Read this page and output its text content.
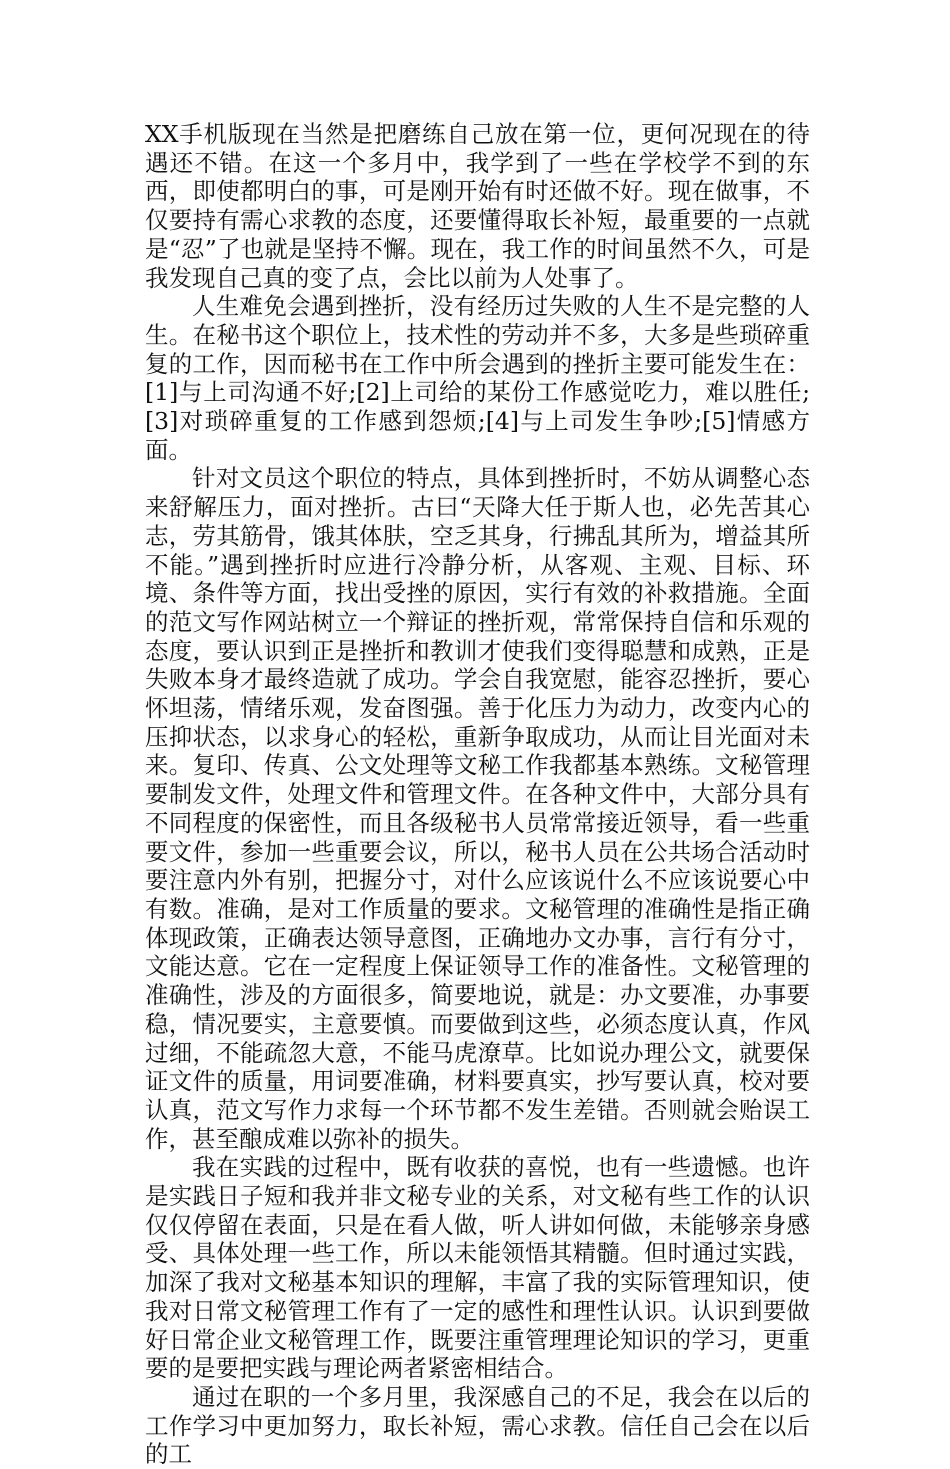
XX手机版现在当然是把磨练自己放在第一位，更何况现在的待遇还不错。在这一个多月中，我学到了一些在学校学不到的东西，即使都明白的事，可是刚开始有时还做不好。现在做事，不仅要持有需心求教的态度，还要懂得取长补短，最重要的一点就是“忍”了也就是坚持不懈。现在，我工作的时间虽然不久，可是我发现自己真的变了点，会比以前为人处事了。

人生难免会遇到挫折，没有经历过失败的人生不是完整的人生。在秘书这个职位上，技术性的劳动并不多，大多是些琐碎重复的工作，因而秘书在工作中所会遇到的挫折主要可能发生在：[1]与上司沟通不好;[2]上司给的某份工作感觉吃力，难以胜任;[3]对琐碎重复的工作感到怨烦;[4]与上司发生争吵;[5]情感方面。

针对文员这个职位的特点，具体到挫折时，不妨从调整心态来舒解压力，面对挫折。古曰“天降大任于斯人也，必先苦其心志，劳其筋骨，饿其体肤，空乏其身，行拂乱其所为，增益其所不能。”遇到挫折时应进行冷静分析，从客观、主观、目标、环境、条件等方面，找出受挫的原因，实行有效的补救措施。全面的范文写作网站树立一个辩证的挫折观，常常保持自信和乐观的态度，要认识到正是挫折和教训才使我们变得聪慧和成熟，正是失败本身才最终造就了成功。学会自我宽慰，能容忍挫折，要心怀坦荡，情绪乐观，发奋图强。善于化压力为动力，改变内心的压抑状态，以求身心的轻松，重新争取成功，从而让目光面对未来。复印、传真、公文处理等文秘工作我都基本熟练。文秘管理要制发文件，处理文件和管理文件。在各种文件中，大部分具有不同程度的保密性，而且各级秘书人员常常接近领导，看一些重要文件，参加一些重要会议，所以，秘书人员在公共场合活动时要注意内外有别，把握分寸，对什么应该说什么不应该说要心中有数。准确，是对工作质量的要求。文秘管理的准确性是指正确体现政策，正确表达领导意图，正确地办文办事，言行有分寸，文能达意。它在一定程度上保证领导工作的准备性。文秘管理的准确性，涉及的方面很多，简要地说，就是：办文要准，办事要稳，情况要实，主意要慎。而要做到这些，必须态度认真，作风过细，不能疏忽大意，不能马虎潦草。比如说办理公文，就要保证文件的质量，用词要准确，材料要真实，抄写要认真，校对要认真，范文写作力求每一个环节都不发生差错。否则就会贻误工作，甚至酿成难以弥补的损失。

我在实践的过程中，既有收获的喜悦，也有一些遗憾。也许是实践日子短和我并非文秘专业的关系，对文秘有些工作的认识仅仅停留在表面，只是在看人做，听人讲如何做，未能够亲身感受、具体处理一些工作，所以未能领悟其精髓。但时通过实践，加深了我对文秘基本知识的理解，丰富了我的实际管理知识，使我对日常文秘管理工作有了一定的感性和理性认识。认识到要做好日常企业文秘管理工作，既要注重管理理论知识的学习，更重要的是要把实践与理论两者紧密相结合。

通过在职的一个多月里，我深感自己的不足，我会在以后的工作学习中更加努力，取长补短，需心求教。信任自己会在以后的工
